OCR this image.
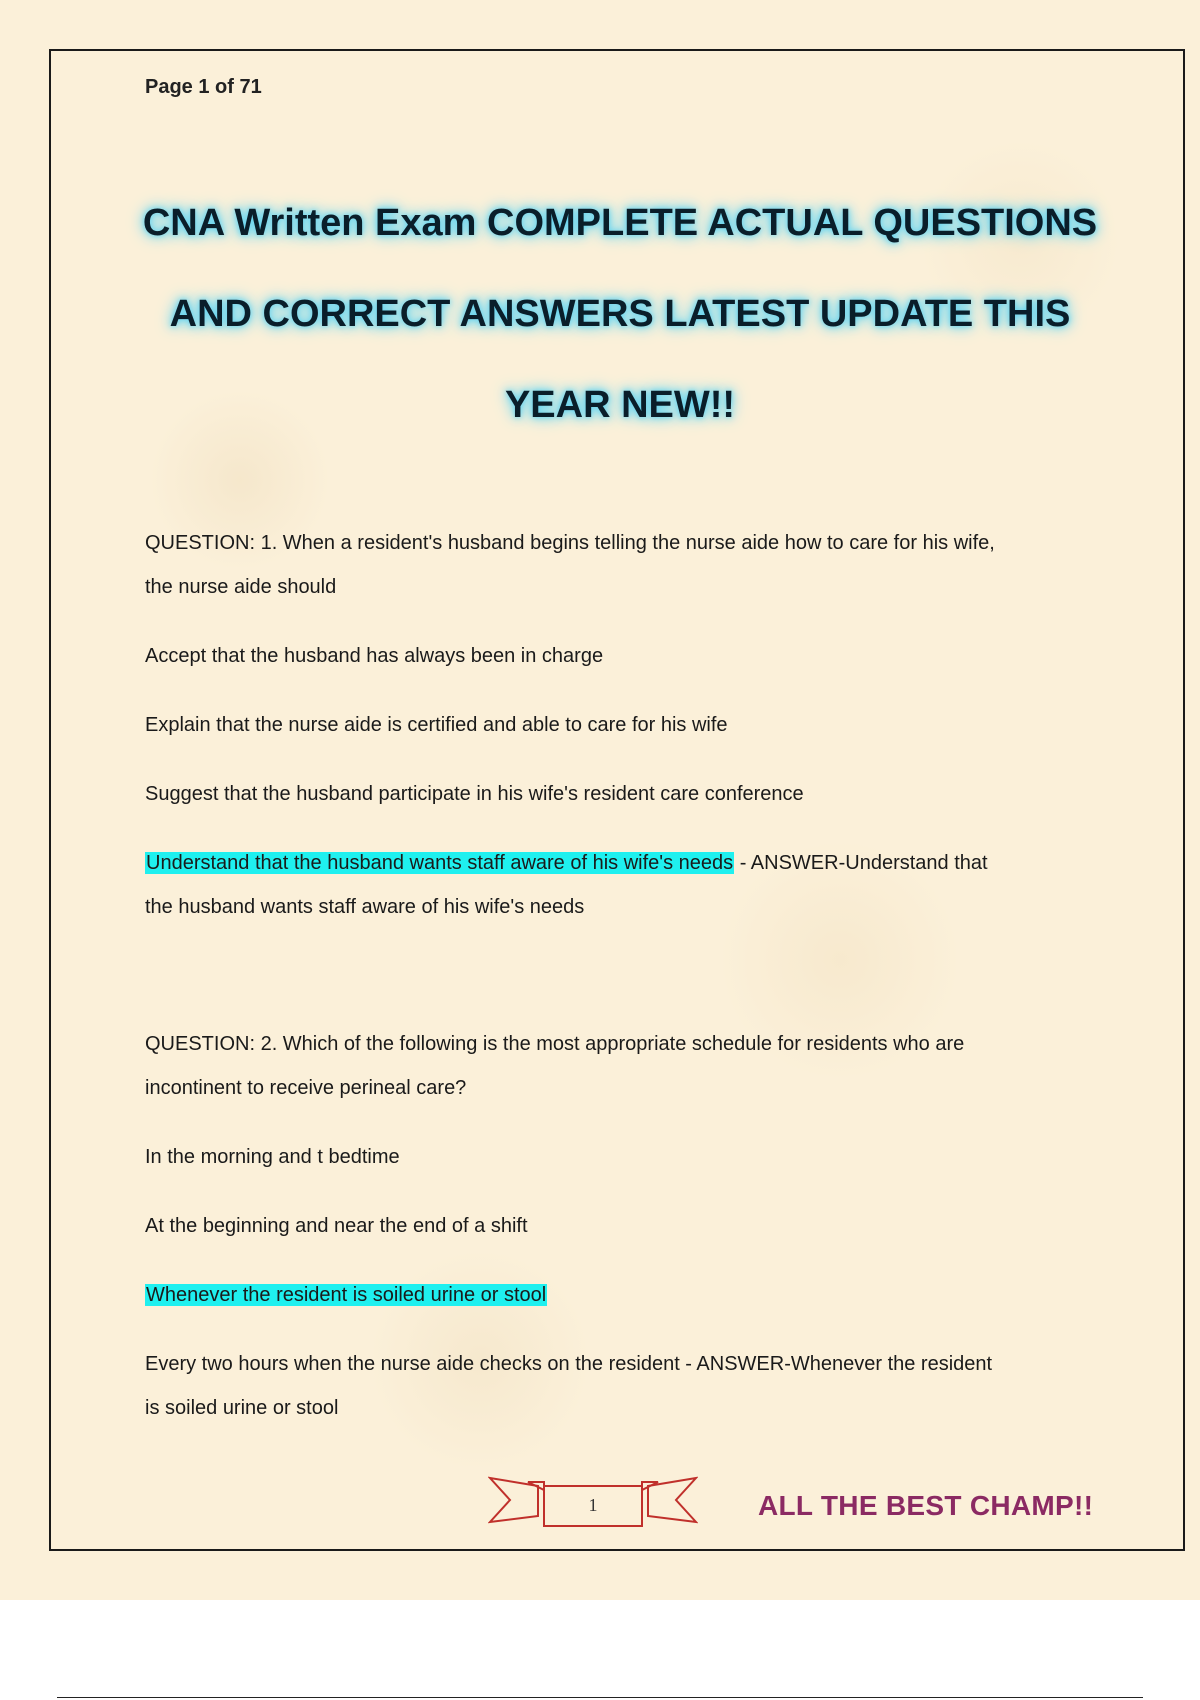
Page 1 of 71

CNA Written Exam COMPLETE ACTUAL QUESTIONS

AND CORRECT ANSWERS LATEST UPDATE THIS

YEAR NEW!!

QUESTION: 1. When a resident's husband begins telling the nurse aide how to care for his wife,
the nurse aide should
Accept that the husband has always been in charge
Explain that the nurse aide is certified and able to care for his wife
Suggest that the husband participate in his wife's resident care conference
Understand that the husband wants staff aware of his wife's needs - ANSWER-Understand that
the husband wants staff aware of his wife's needs
QUESTION: 2. Which of the following is the most appropriate schedule for residents who are
incontinent to receive perineal care?
In the morning and t bedtime
At the beginning and near the end of a shift
Whenever the resident is soiled urine or stool
Every two hours when the nurse aide checks on the resident - ANSWER-Whenever the resident
is soiled urine or stool
1	ALL THE BEST CHAMP!!
